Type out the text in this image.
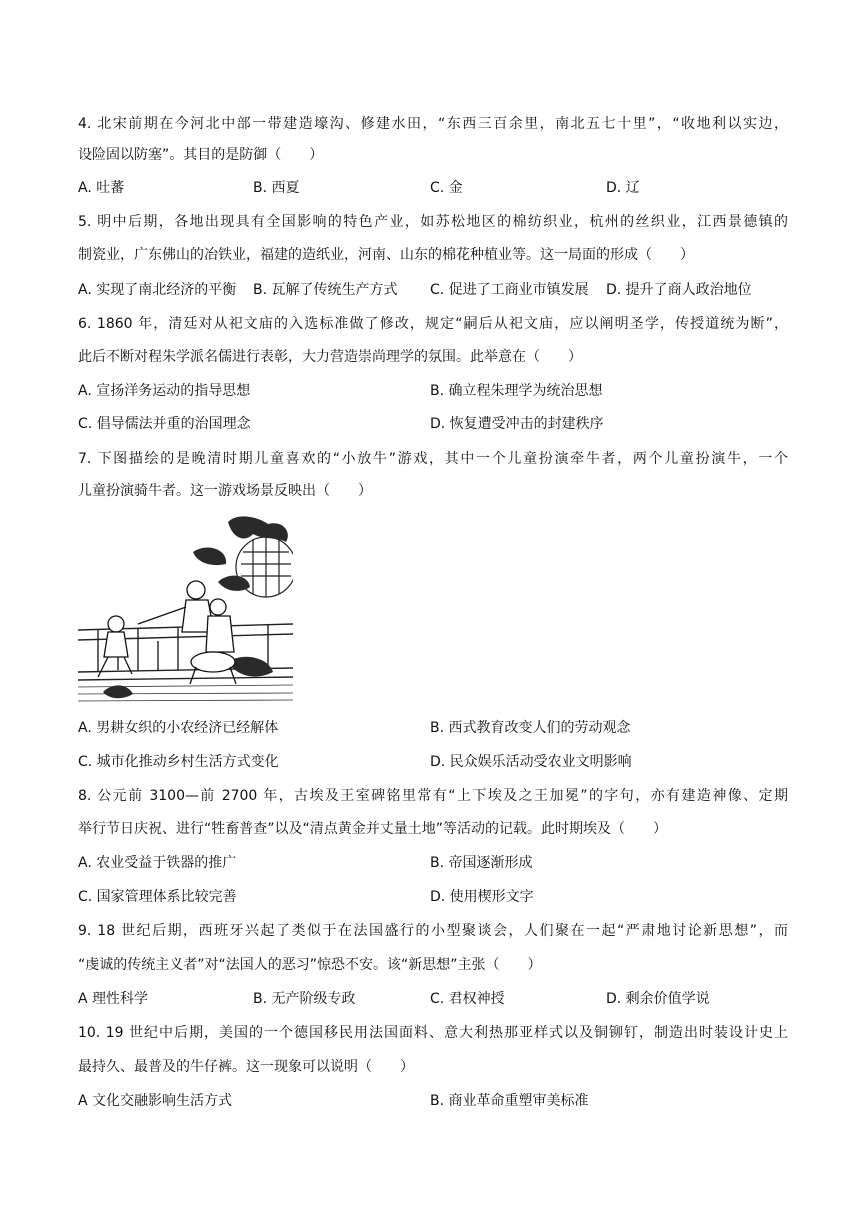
4. 北宋前期在今河北中部一带建造壕沟、修建水田，“东西三百余里，南北五七十里”，“收地利以实边，
设险固以防塞”。其目的是防御（　　）
A. 吐蕃	B. 西夏	C. 金	D. 辽
5. 明中后期，各地出现具有全国影响的特色产业，如苏松地区的棉纺织业，杭州的丝织业，江西景德镇的
制瓷业，广东佛山的冶铁业，福建的造纸业，河南、山东的棉花种植业等。这一局面的形成（　　）
A. 实现了南北经济的平衡 B. 瓦解了传统生产方式 C. 促进了工商业市镇发展 D. 提升了商人政治地位
6. 1860 年，清廷对从祀文庙的入选标准做了修改，规定“嗣后从祀文庙，应以阐明圣学，传授道统为断”，
此后不断对程朱学派名儒进行表彰，大力营造崇尚理学的氛围。此举意在（　　）
A. 宣扬洋务运动的指导思想	B. 确立程朱理学为统治思想
C. 倡导儒法并重的治国理念	D. 恢复遭受冲击的封建秩序
7. 下图描绘的是晚清时期儿童喜欢的“小放牛”游戏，其中一个儿童扮演牵牛者，两个儿童扮演牛，一个
儿童扮演骑牛者。这一游戏场景反映出（　　）
A. 男耕女织的小农经济已经解体	B. 西式教育改变人们的劳动观念
C. 城市化推动乡村生活方式变化	D. 民众娱乐活动受农业文明影响
8. 公元前 3100—前 2700 年，古埃及王室碑铭里常有“上下埃及之王加冕”的字句，亦有建造神像、定期
举行节日庆祝、进行“牲畜普查”以及“清点黄金并丈量土地”等活动的记载。此时期埃及（　　）
A. 农业受益于铁器的推广	B. 帝国逐渐形成
C. 国家管理体系比较完善	D. 使用楔形文字
9. 18 世纪后期，西班牙兴起了类似于在法国盛行的小型聚谈会，人们聚在一起“严肃地讨论新思想”，而
“虔诚的传统主义者”对“法国人的恶习”惊恐不安。该“新思想”主张（　　）
A 理性科学	B. 无产阶级专政	C. 君权神授	D. 剩余价值学说
10. 19 世纪中后期，美国的一个德国移民用法国面料、意大利热那亚样式以及铜铆钉，制造出时装设计史上
最持久、最普及的牛仔裤。这一现象可以说明（　　）
A 文化交融影响生活方式	B. 商业革命重塑审美标准
